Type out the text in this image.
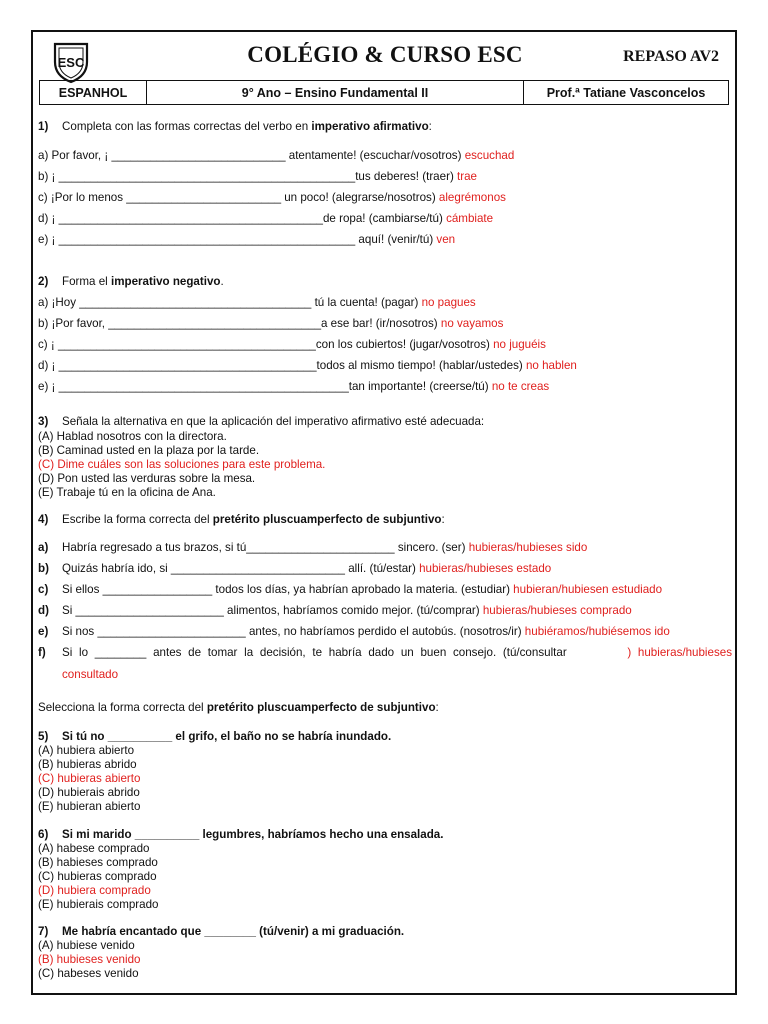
ESC	COLÉGIO & CURSO ESC	REPASO AV2
ESPANHOL	9° Ano – Ensino Fundamental II	Prof.ª Tatiane Vasconcelos
1) Completa con las formas correctas del verbo en imperativo afirmativo:
a) Por favor, ¡ ___________________________ atentamente! (escuchar/vosotros) escuchad
b) ¡ ______________________________________________tus deberes! (traer) trae
c) ¡Por lo menos ________________________ un poco! (alegrarse/nosotros) alegrémonos
d) ¡ _________________________________________de ropa! (cambiarse/tú) cámbiate
e) ¡ ______________________________________________ aquí! (venir/tú) ven
2) Forma el imperativo negativo.
a) ¡Hoy ____________________________________ tú la cuenta! (pagar) no pagues
b) ¡Por favor, _________________________________a ese bar! (ir/nosotros) no vayamos
c) ¡ ________________________________________con los cubiertos! (jugar/vosotros) no juguéis
d) ¡ ________________________________________todos al mismo tiempo! (hablar/ustedes) no hablen
e) ¡ _____________________________________________tan importante! (creerse/tú) no te creas
3) Señala la alternativa en que la aplicación del imperativo afirmativo esté adecuada:
(A) Hablad nosotros con la directora.
(B) Caminad usted en la plaza por la tarde.
(C) Dime cuáles son las soluciones para este problema.
(D) Pon usted las verduras sobre la mesa.
(E) Trabaje tú en la oficina de Ana.
4) Escribe la forma correcta del pretérito pluscuamperfecto de subjuntivo:
a) Habría regresado a tus brazos, si tú_______________________ sincero. (ser) hubieras/hubieses sido
b) Quizás habría ido, si ___________________________ allí. (tú/estar) hubieras/hubieses estado
c) Si ellos _________________ todos los días, ya habrían aprobado la materia. (estudiar) hubieran/hubiesen estudiado
d) Si _______________________ alimentos, habríamos comido mejor. (tú/comprar) hubieras/hubieses comprado
e) Si nos _______________________ antes, no habríamos perdido el autobús. (nosotros/ir) hubiéramos/hubiésemos ido
f)	Si lo ________ antes de tomar la decisión, te habría dado un buen consejo. (tú/consultar	) hubieras/hubieses
consultado
Selecciona la forma correcta del pretérito pluscuamperfecto de subjuntivo:
5) Si tú no __________ el grifo, el baño no se habría inundado.
(A) hubiera abierto
(B) hubieras abrido
(C) hubieras abierto
(D) hubierais abrido
(E) hubieran abierto
6) Si mi marido __________ legumbres, habríamos hecho una ensalada.
(A) habese comprado
(B) habieses comprado
(C) hubieras comprado
(D) hubiera comprado
(E) hubierais comprado
7) Me habría encantado que ________ (tú/venir) a mi graduación.
(A) hubiese venido
(B) hubieses venido
(C) habeses venido
